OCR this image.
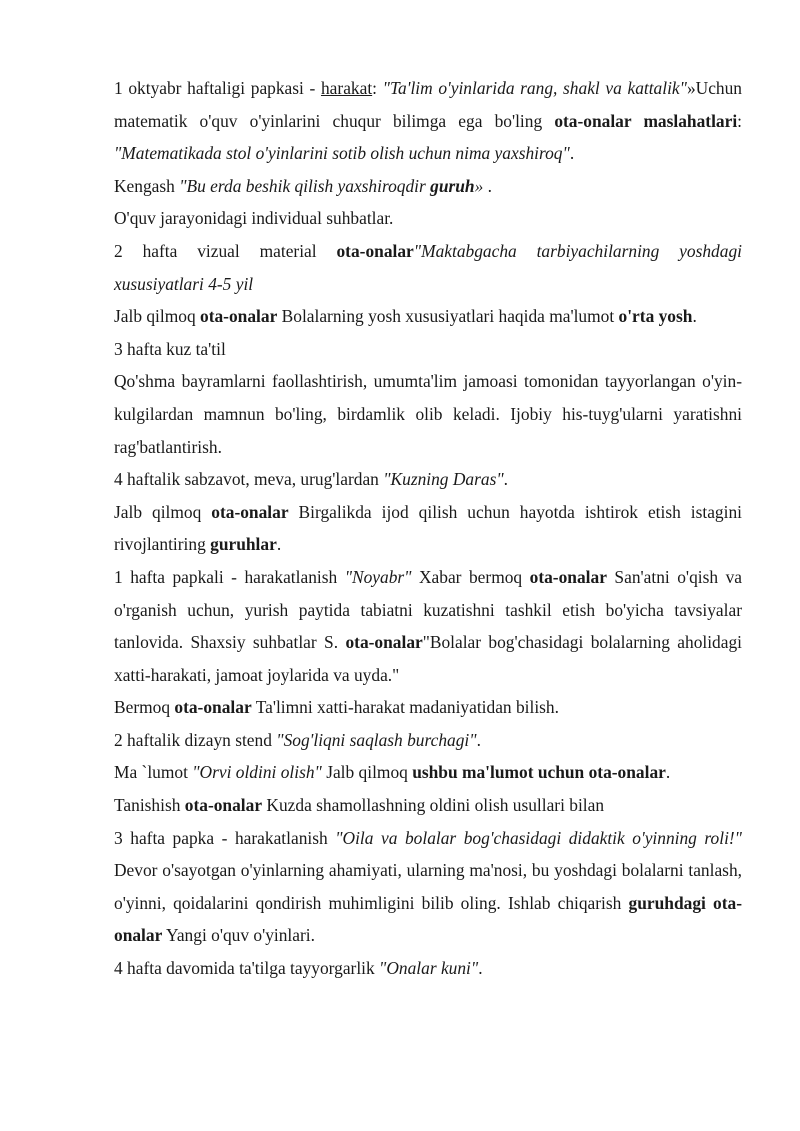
1 oktyabr haftaligi papkasi - harakat: "Ta'lim o'yinlarida rang, shakl va kattalik"»Uchun matematik o'quv o'yinlarini chuqur bilimga ega bo'ling ota-onalar maslahatlari: "Matematikada stol o'yinlarini sotib olish uchun nima yaxshiroq".

Kengash "Bu erda beshik qilish yaxshiroqdir guruh» .

O'quv jarayonidagi individual suhbatlar.

2 hafta vizual material ota-onalar"Maktabgacha tarbiyachilarning yoshdagi xususiyatlari 4-5 yil

Jalb qilmoq ota-onalar Bolalarning yosh xususiyatlari haqida ma'lumot o'rta yosh.

3 hafta kuz ta'til

Qo'shma bayramlarni faollashtirish, umumta'lim jamoasi tomonidan tayyorlangan o'yin-kulgilardan mamnun bo'ling, birdamlik olib keladi. Ijobiy his-tuyg'ularni yaratishni rag'batlantirish.

4 haftalik sabzavot, meva, urug'lardan "Kuzning Daras".

Jalb qilmoq ota-onalar Birgalikda ijod qilish uchun hayotda ishtirok etish istagini rivojlantiring guruhlar.

1 hafta papkali - harakatlanish "Noyabr" Xabar bermoq ota-onalar San'atni o'qish va o'rganish uchun, yurish paytida tabiatni kuzatishni tashkil etish bo'yicha tavsiyalar tanlovida. Shaxsiy suhbatlar S. ota-onalar"Bolalar bog'chasidagi bolalarning aholidagi xatti-harakati, jamoat joylarida va uyda."

Bermoq ota-onalar Ta'limni xatti-harakat madaniyatidan bilish.

2 haftalik dizayn stend "Sog'liqni saqlash burchagi".

Ma `lumot "Orvi oldini olish" Jalb qilmoq ushbu ma'lumot uchun ota-onalar.

Tanishish ota-onalar Kuzda shamollashning oldini olish usullari bilan

3 hafta papka - harakatlanish "Oila va bolalar bog'chasidagi didaktik o'yinning roli!" Devor o'sayotgan o'yinlarning ahamiyati, ularning ma'nosi, bu yoshdagi bolalarni tanlash, o'yinni, qoidalarini qondirish muhimligini bilib oling. Ishlab chiqarish guruhdagi ota-onalar Yangi o'quv o'yinlari.

4 hafta davomida ta'tilga tayyorgarlik "Onalar kuni".
